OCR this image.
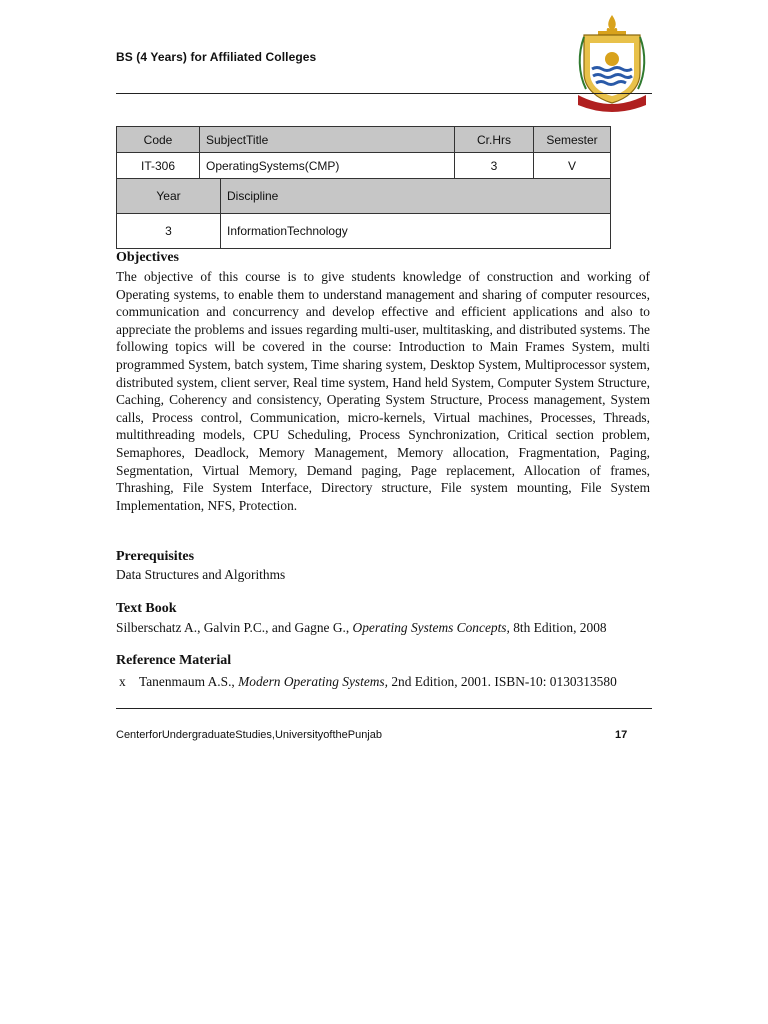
BS (4 Years) for Affiliated Colleges
Code	SubjectTitle	Cr.Hrs	Semester
IT-306	OperatingSystems(CMP)	3	V
Year	Discipline
3	InformationTechnology
Objectives
The objective of this course is to give students knowledge of construction and working of Operating systems, to enable them to understand management and sharing of computer resources, communication and concurrency and develop effective and efficient applications and also to appreciate the problems and issues regarding multi-user, multitasking, and distributed systems. The following topics will be covered in the course: Introduction to Main Frames System, multi programmed System, batch system, Time sharing system, Desktop System, Multiprocessor system, distributed system, client server, Real time system, Hand held System, Computer System Structure, Caching, Coherency and consistency, Operating System Structure, Process management, System calls, Process control, Communication, micro-kernels, Virtual machines, Processes, Threads, multithreading models, CPU Scheduling, Process Synchronization, Critical section problem, Semaphores, Deadlock, Memory Management, Memory allocation, Fragmentation, Paging, Segmentation, Virtual Memory, Demand paging, Page replacement, Allocation of frames, Thrashing, File System Interface, Directory structure, File system mounting, File System Implementation, NFS, Protection.
Prerequisites
Data Structures and Algorithms
Text Book
Silberschatz A., Galvin P.C., and Gagne G., Operating Systems Concepts, 8th Edition, 2008
Reference Material
x Tanenmaum A.S., Modern Operating Systems, 2nd Edition, 2001. ISBN-10: 0130313580
CenterforUndergraduateStudies,UniversityofthePunjab	17
